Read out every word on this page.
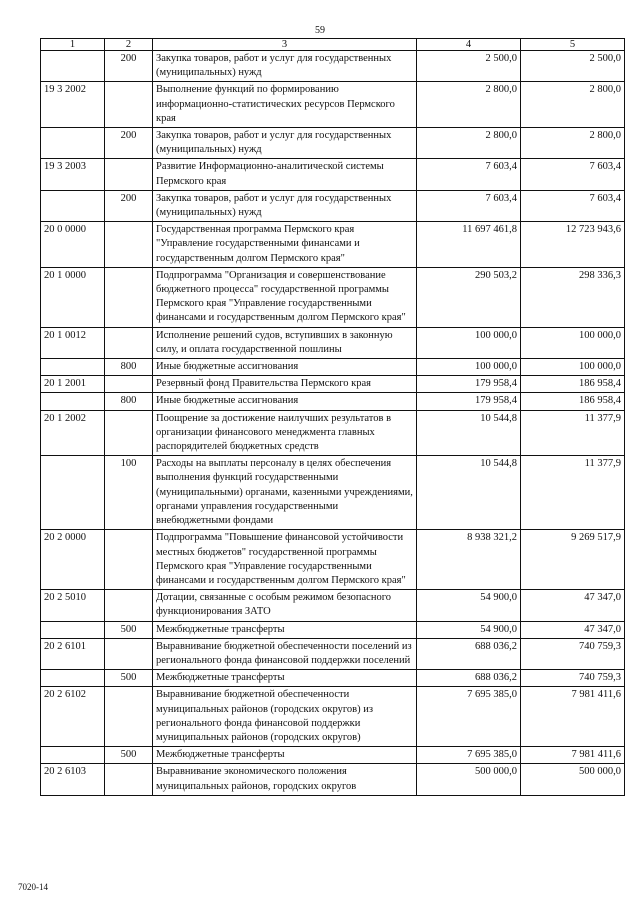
59
1	2	3	4	5
	200	Закупка товаров, работ и услуг для государственных (муниципальных) нужд	2 500,0	2 500,0
19 3 2002		Выполнение функций по формированию информационно-статистических ресурсов Пермского края	2 800,0	2 800,0
	200	Закупка товаров, работ и услуг для государственных (муниципальных) нужд	2 800,0	2 800,0
19 3 2003		Развитие Информационно-аналитической системы Пермского края	7 603,4	7 603,4
	200	Закупка товаров, работ и услуг для государственных (муниципальных) нужд	7 603,4	7 603,4
20 0 0000		Государственная программа Пермского края "Управление государственными финансами и государственным долгом Пермского края"	11 697 461,8	12 723 943,6
20 1 0000		Подпрограмма "Организация и совершенствование бюджетного процесса" государственной программы Пермского края "Управление государственными финансами и государственным долгом Пермского края"	290 503,2	298 336,3
20 1 0012		Исполнение решений судов, вступивших в законную силу, и оплата государственной пошлины	100 000,0	100 000,0
	800	Иные бюджетные ассигнования	100 000,0	100 000,0
20 1 2001		Резервный фонд Правительства Пермского края	179 958,4	186 958,4
	800	Иные бюджетные ассигнования	179 958,4	186 958,4
20 1 2002		Поощрение за достижение наилучших результатов в организации финансового менеджмента главных распорядителей бюджетных средств	10 544,8	11 377,9
	100	Расходы на выплаты персоналу в целях обеспечения выполнения функций государственными (муниципальными) органами, казенными учреждениями, органами управления государственными внебюджетными фондами	10 544,8	11 377,9
20 2 0000		Подпрограмма "Повышение финансовой устойчивости местных бюджетов" государственной программы Пермского края "Управление государственными финансами и государственным долгом Пермского края"	8 938 321,2	9 269 517,9
20 2 5010		Дотации, связанные с особым режимом безопасного функционирования ЗАТО	54 900,0	47 347,0
	500	Межбюджетные трансферты	54 900,0	47 347,0
20 2 6101		Выравнивание бюджетной обеспеченности поселений из регионального фонда финансовой поддержки поселений	688 036,2	740 759,3
	500	Межбюджетные трансферты	688 036,2	740 759,3
20 2 6102		Выравнивание бюджетной обеспеченности муниципальных районов (городских округов) из регионального фонда финансовой поддержки муниципальных районов (городских округов)	7 695 385,0	7 981 411,6
	500	Межбюджетные трансферты	7 695 385,0	7 981 411,6
20 2 6103		Выравнивание экономического положения муниципальных районов, городских округов	500 000,0	500 000,0
7020-14
